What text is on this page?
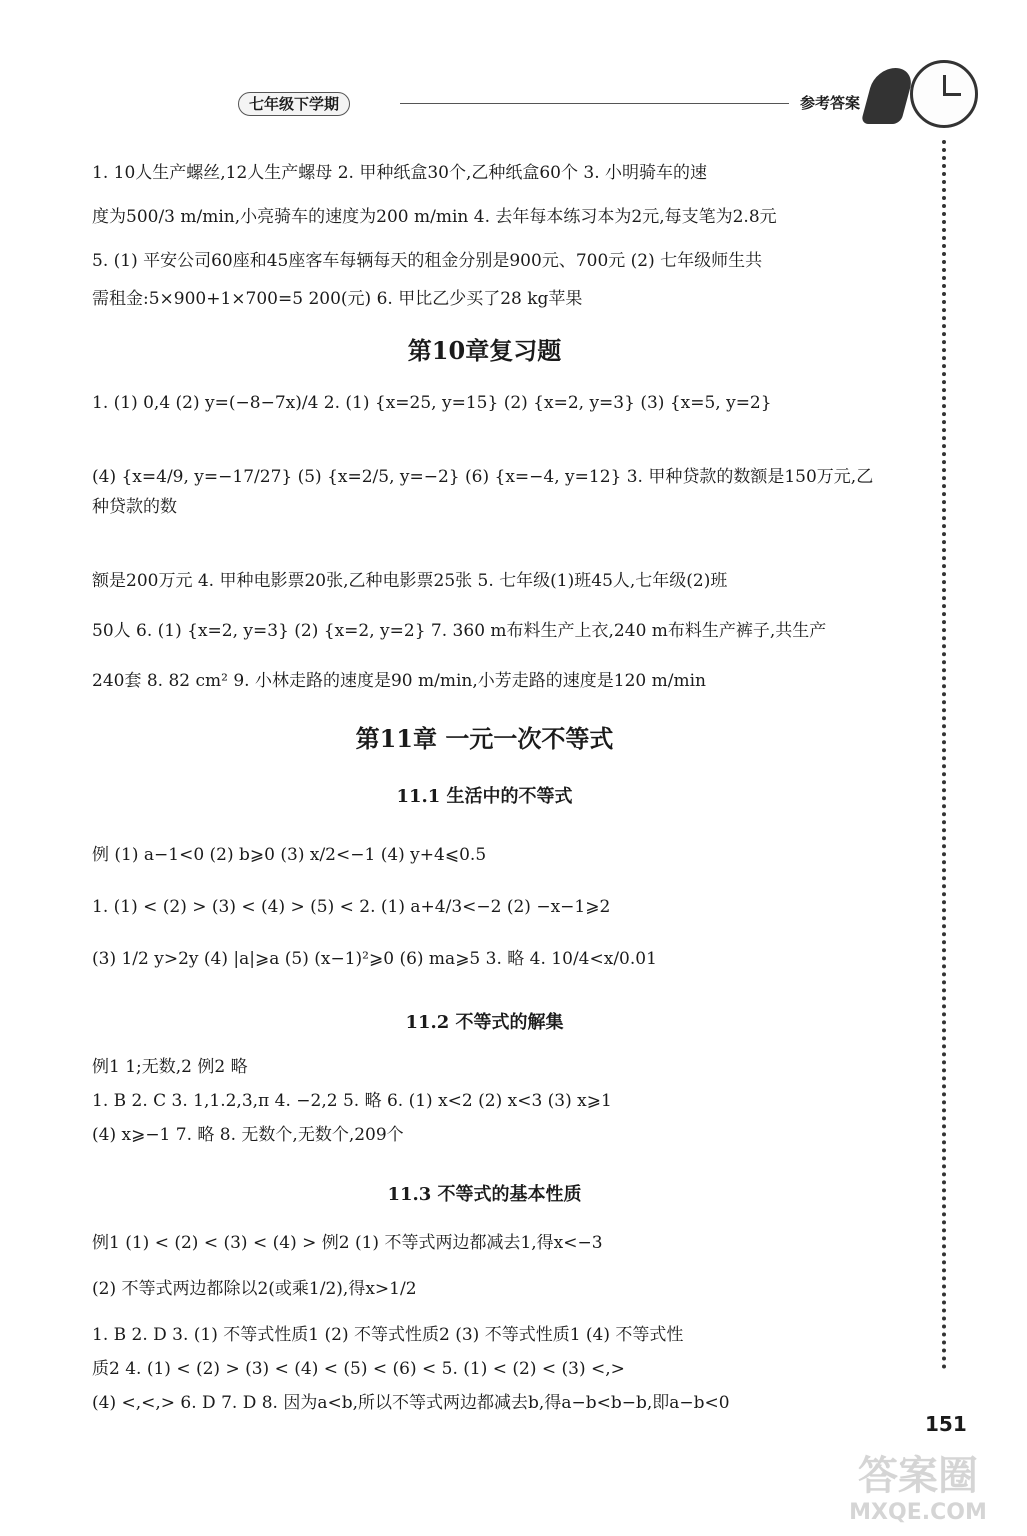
七年级下学期	参考答案

1. 10人生产螺丝,12人生产螺母 2. 甲种纸盒30个,乙种纸盒60个 3. 小明骑车的速

度为500/3 m/min,小亮骑车的速度为200 m/min 4. 去年每本练习本为2元,每支笔为2.8元

5. (1) 平安公司60座和45座客车每辆每天的租金分别是900元、700元 (2) 七年级师生共

需租金:5×900+1×700=5 200(元) 6. 甲比乙少买了28 kg苹果

第10章复习题

1. (1) 0,4 (2) y=(−8−7x)/4 2. (1) {x=25, y=15} (2) {x=2, y=3} (3) {x=5, y=2}

(4) {x=4/9, y=−17/27} (5) {x=2/5, y=−2} (6) {x=−4, y=12} 3. 甲种贷款的数额是150万元,乙种贷款的数

额是200万元 4. 甲种电影票20张,乙种电影票25张 5. 七年级(1)班45人,七年级(2)班

50人 6. (1) {x=2, y=3} (2) {x=2, y=2} 7. 360 m布料生产上衣,240 m布料生产裤子,共生产

240套 8. 82 cm² 9. 小林走路的速度是90 m/min,小芳走路的速度是120 m/min

第11章 一元一次不等式

11.1 生活中的不等式

例 (1) a−1<0 (2) b⩾0 (3) x/2<−1 (4) y+4⩽0.5

1. (1) < (2) > (3) < (4) > (5) < 2. (1) a+4/3<−2 (2) −x−1⩾2

(3) 1/2 y>2y (4) |a|⩾a (5) (x−1)²⩾0 (6) ma⩾5 3. 略 4. 10/4<x/0.01

11.2 不等式的解集

例1 1;无数,2 例2 略

1. B 2. C 3. 1,1.2,3,π 4. −2,2 5. 略 6. (1) x<2 (2) x<3 (3) x⩾1

(4) x⩾−1 7. 略 8. 无数个,无数个,209个

11.3 不等式的基本性质

例1 (1) < (2) < (3) < (4) > 例2 (1) 不等式两边都减去1,得x<−3

(2) 不等式两边都除以2(或乘1/2),得x>1/2

1. B 2. D 3. (1) 不等式性质1 (2) 不等式性质2 (3) 不等式性质1 (4) 不等式性

质2 4. (1) < (2) > (3) < (4) < (5) < (6) < 5. (1) < (2) < (3) <,>

(4) <,<,> 6. D 7. D 8. 因为a<b,所以不等式两边都减去b,得a−b<b−b,即a−b<0

151
答案圈
MXQE.COM
